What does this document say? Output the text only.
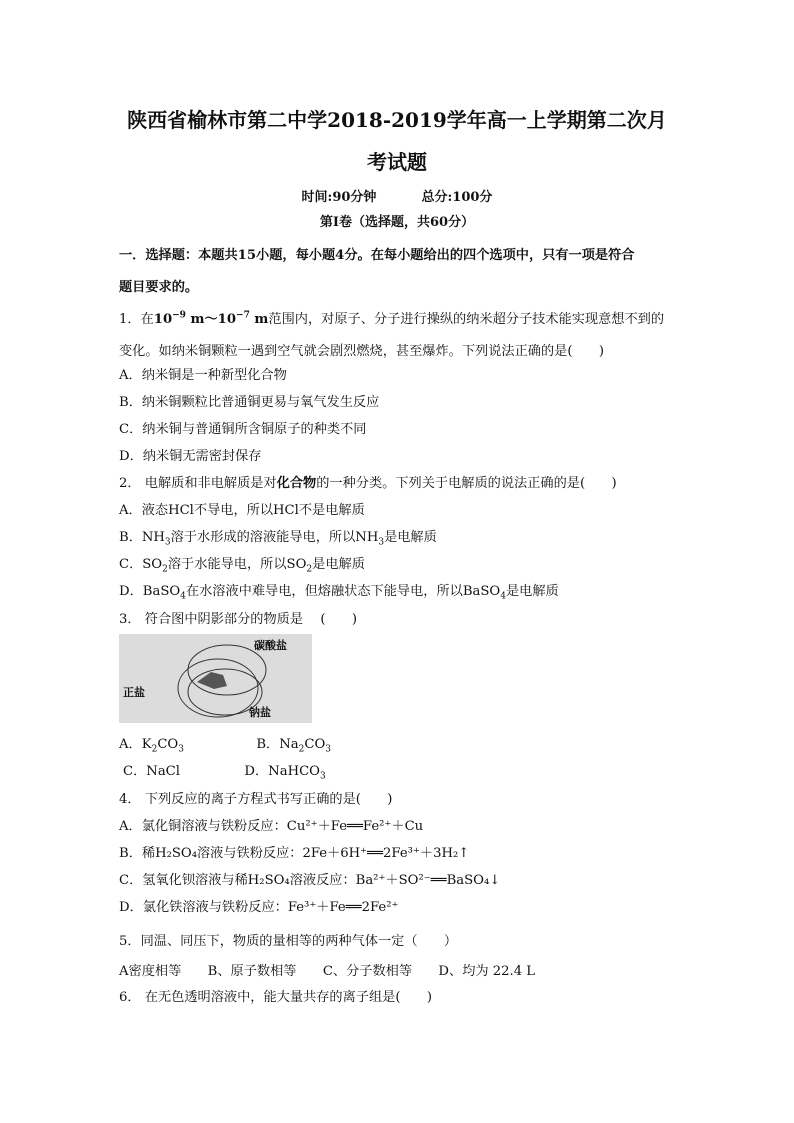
陕西省榆林市第二中学2018-2019学年高一上学期第二次月
考试题
时间:90分钟	总分:100分
第Ⅰ卷（选择题，共60分）
一．选择题：本题共15小题，每小题4分。在每小题给出的四个选项中，只有一项是符合
题目要求的。
1．在$10^{-9}$ $m\sim 10^{-7}$ m范围内，对原子、分子进行操纵的纳米超分子技术能实现意想不到的
变化。如纳米铜颗粒一遇到空气就会剧烈燃烧，甚至爆炸。下列说法正确的是(　　)
A．纳米铜是一种新型化合物
B．纳米铜颗粒比普通铜更易与氧气发生反应
C．纳米铜与普通铜所含铜原子的种类不同
D．纳米铜无需密封保存
2． 电解质和非电解质是对化合物的一种分类。下列关于电解质的说法正确的是(　　)
A．液态HCl不导电，所以HCl不是电解质
B．$NH_3$溶于水形成的溶液能导电，所以$NH_3$是电解质
C．$SO_2$溶于水能导电，所以$SO_2$是电解质
D．BaSO$_4$在水溶液中难导电，但熔融状态下能导电，所以BaSO$_4$是电解质
3． 符合图中阴影部分的物质是　 (　　)
碳酸盐
正盐
钠盐
A．$K_2CO_3$	B．$Na_2CO_3$
C．NaCl	D．NaHCO$_3$
4． 下列反应的离子方程式书写正确的是(　　)
A．氯化铜溶液与铁粉反应：Cu²⁺＋Fe══Fe²⁺＋Cu
B．稀H₂SO₄溶液与铁粉反应：2Fe＋6H⁺══2Fe³⁺＋3H₂↑
C．氢氧化钡溶液与稀H₂SO₄溶液反应：Ba²⁺＋SO²⁻══BaSO₄↓
D．氯化铁溶液与铁粉反应：Fe³⁺＋Fe══2Fe²⁺
5．同温、同压下，物质的量相等的两种气体一定（　　）
A密度相等　　B、原子数相等　　C、分子数相等　　D、均为 22.4 L
6． 在无色透明溶液中，能大量共存的离子组是(　　)
